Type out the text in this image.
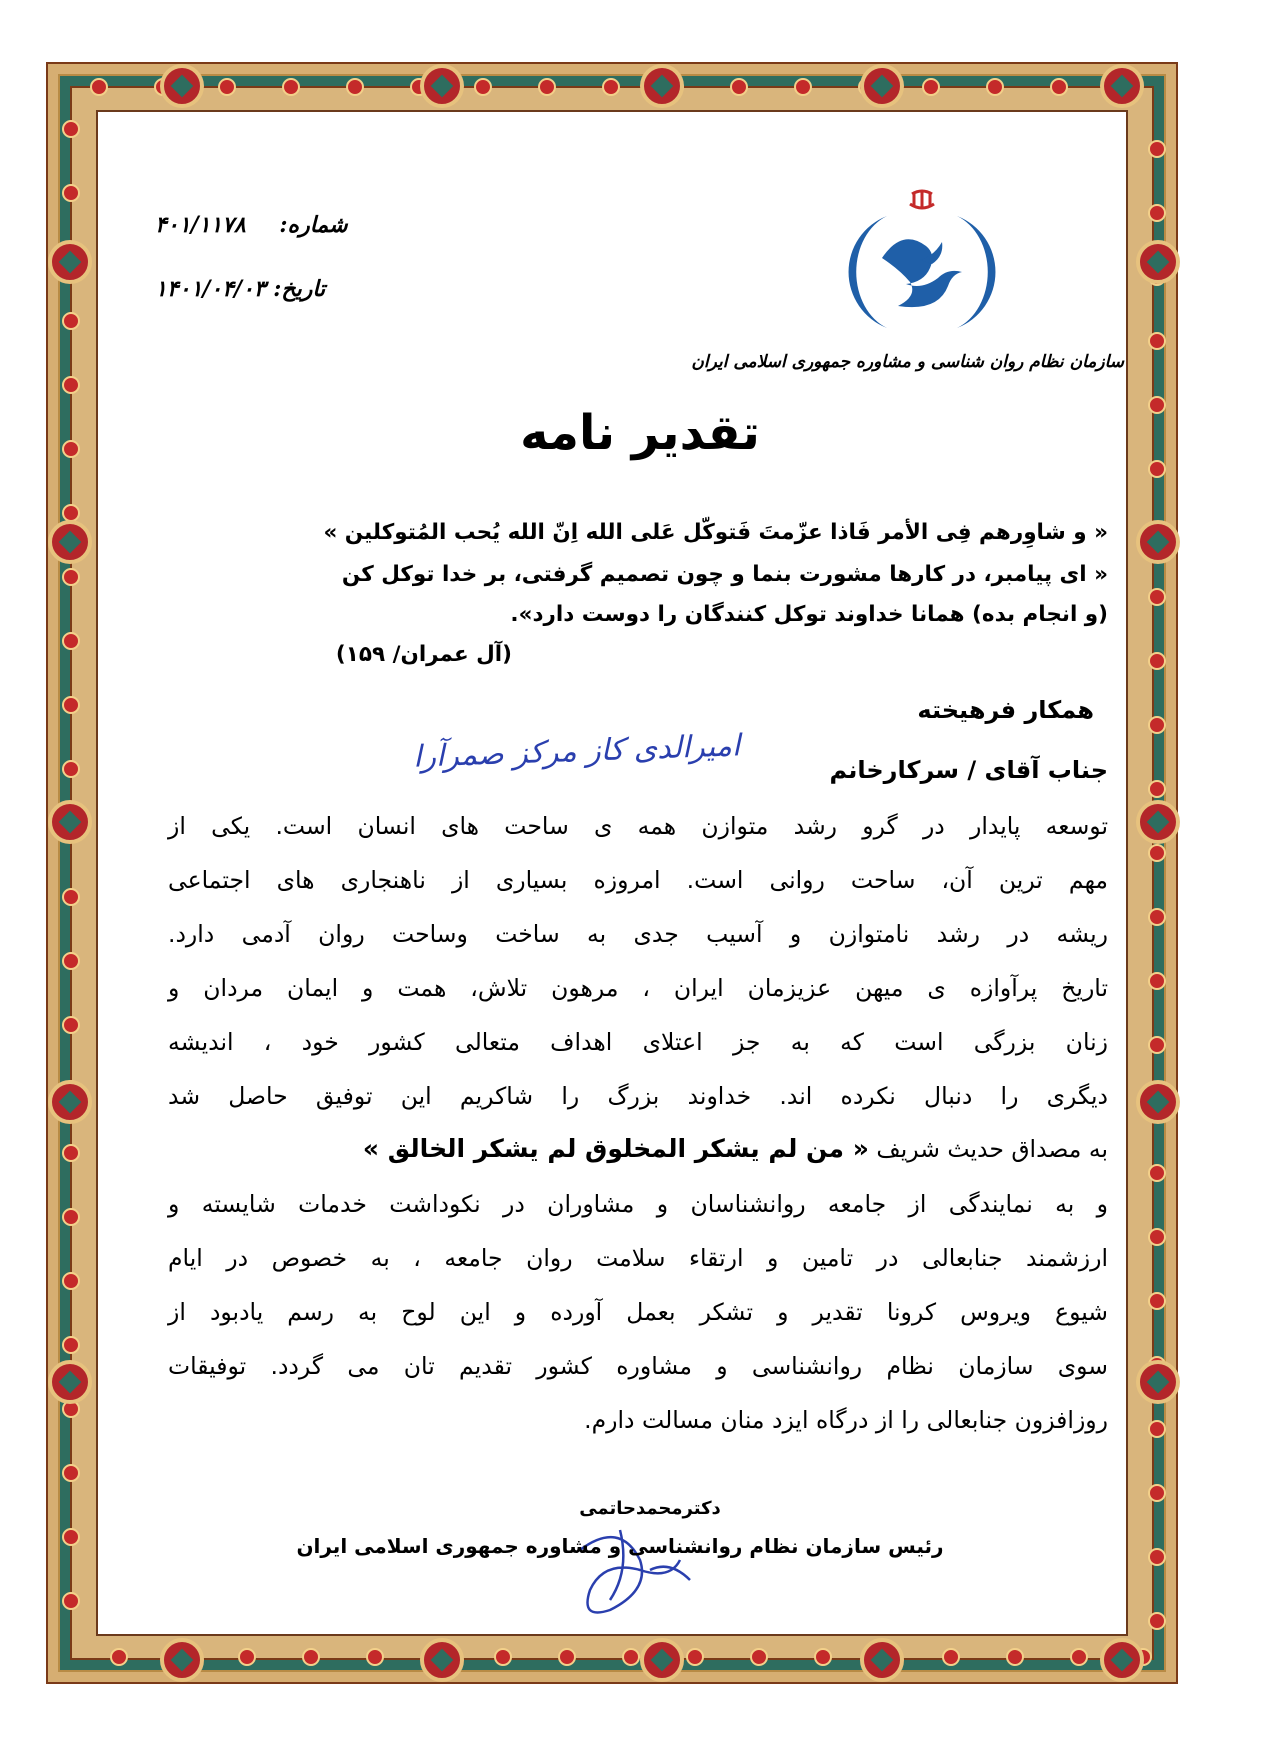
شماره: ۴۰۱/۱۱۷۸
تاریخ: ۱۴۰۱/۰۴/۰۳
سازمان نظام روان شناسی و مشاوره جمهوری اسلامی ایران
تقدیر نامه
« و شاوِرهم فِی الأمر فَاذا عزّمتَ فَتوکّل عَلی الله اِنّ الله یُحب المُتوکلین »
« ای پیامبر، در کارها مشورت بنما و چون تصمیم گرفتی، بر خدا توکل کن
(و انجام بده) همانا خداوند توکل کنندگان را دوست دارد».
(آل عمران/ ۱۵۹)
همکار فرهیخته
جناب آقای / سرکارخانم
امیرالدی کاز مرکز صمرآرا
توسعه پایدار در گرو رشد متوازن همه ی ساحت های انسان است. یکی از
مهم ترین آن، ساحت روانی است. امروزه بسیاری از ناهنجاری های اجتماعی
ریشه در رشد نامتوازن و آسیب جدی به ساخت وساحت روان آدمی دارد.
تاریخ پرآوازه ی میهن عزیزمان ایران ، مرهون تلاش، همت و ایمان مردان و
زنان بزرگی است که به جز اعتلای اهداف متعالی کشور خود ، اندیشه
دیگری را دنبال نکرده اند. خداوند بزرگ را شاکریم این توفیق حاصل شد
به مصداق حدیث شریف « من لم یشکر المخلوق لم یشکر الخالق »
و به نمایندگی از جامعه روانشناسان و مشاوران در نکوداشت خدمات شایسته و
ارزشمند جنابعالی در تامین و ارتقاء سلامت روان جامعه ، به خصوص در ایام
شیوع ویروس کرونا تقدیر و تشکر بعمل آورده و این لوح به رسم یادبود از
سوی سازمان نظام روانشناسی و مشاوره کشور تقدیم تان می گردد. توفیقات
روزافزون جنابعالی را از درگاه ایزد منان مسالت دارم.
دکترمحمدحاتمی
رئیس سازمان نظام روانشناسی و مشاوره جمهوری اسلامی ایران
